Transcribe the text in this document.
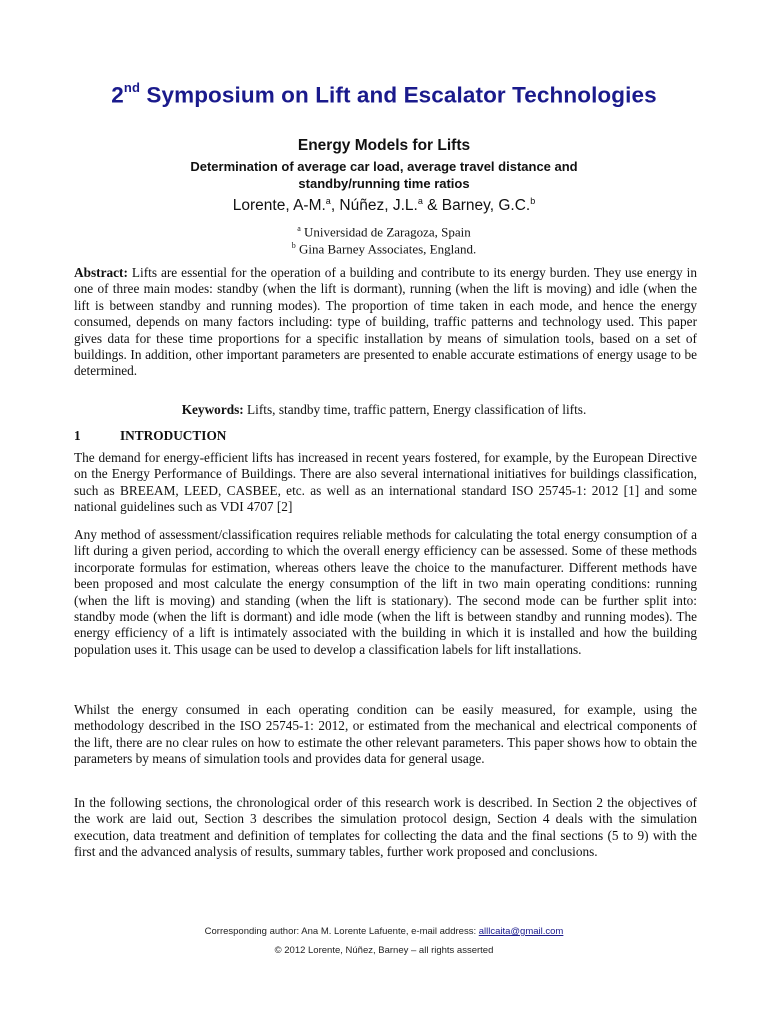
2nd Symposium on Lift and Escalator Technologies
Energy Models for Lifts
Determination of average car load, average travel distance and
standby/running time ratios
Lorente, A-M.$^a$, Núñez, J.L.$^a$ & Barney, G.C.$^b$
$^a$ Universidad de Zaragoza, Spain
$^b$ Gina Barney Associates, England.
Abstract: Lifts are essential for the operation of a building and contribute to its energy burden. They use energy in one of three main modes: standby (when the lift is dormant), running (when the lift is moving) and idle (when the lift is between standby and running modes). The proportion of time taken in each mode, and hence the energy consumed, depends on many factors including: type of building, traffic patterns and technology used. This paper gives data for these time proportions for a specific installation by means of simulation tools, based on a set of buildings. In addition, other important parameters are presented to enable accurate estimations of energy usage to be determined.
Keywords: Lifts, standby time, traffic pattern, Energy classification of lifts.
1	INTRODUCTION
The demand for energy-efficient lifts has increased in recent years fostered, for example, by the European Directive on the Energy Performance of Buildings. There are also several international initiatives for buildings classification, such as BREEAM, LEED, CASBEE, etc. as well as an international standard ISO 25745-1: 2012 [1] and some national guidelines such as VDI 4707 [2]
Any method of assessment/classification requires reliable methods for calculating the total energy consumption of a lift during a given period, according to which the overall energy efficiency can be assessed. Some of these methods incorporate formulas for estimation, whereas others leave the choice to the manufacturer. Different methods have been proposed and most calculate the energy consumption of the lift in two main operating conditions: running (when the lift is moving) and standing (when the lift is stationary). The second mode can be further split into: standby mode (when the lift is dormant) and idle mode (when the lift is between standby and running modes). The energy efficiency of a lift is intimately associated with the building in which it is installed and how the building population uses it. This usage can be used to develop a classification labels for lift installations.
Whilst the energy consumed in each operating condition can be easily measured, for example, using the methodology described in the ISO 25745-1: 2012, or estimated from the mechanical and electrical components of the lift, there are no clear rules on how to estimate the other relevant parameters. This paper shows how to obtain the parameters by means of simulation tools and provides data for general usage.
In the following sections, the chronological order of this research work is described. In Section 2 the objectives of the work are laid out, Section 3 describes the simulation protocol design, Section 4 deals with the simulation execution, data treatment and definition of templates for collecting the data and the final sections (5 to 9) with the first and the advanced analysis of results, summary tables, further work proposed and conclusions.
Corresponding author: Ana M. Lorente Lafuente, e-mail address: alllcaita@gmail.com
© 2012 Lorente, Núñez, Barney – all rights asserted
